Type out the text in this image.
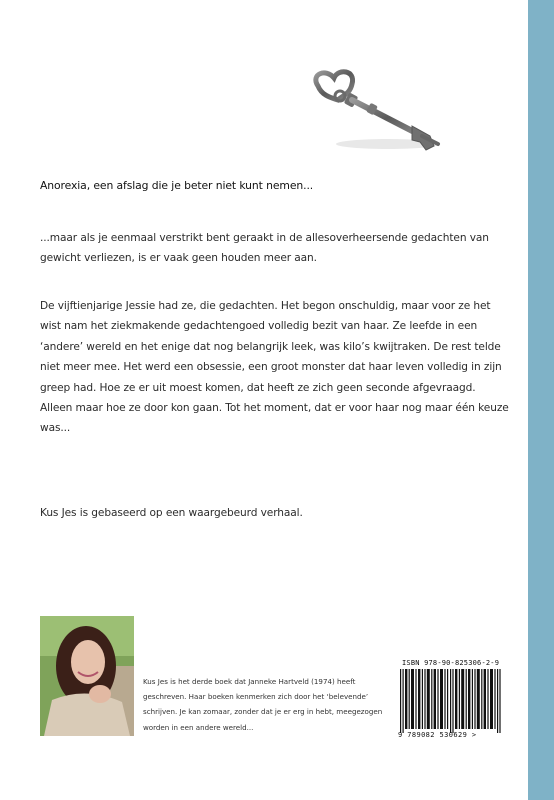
Anorexia, een afslag die je beter niet kunt nemen...
...maar als je eenmaal verstrikt bent geraakt in de allesoverheersende gedachten van gewicht verliezen, is er vaak geen houden meer aan.
De vijftienjarige Jessie had ze, die gedachten. Het begon onschuldig, maar voor ze het wist nam het ziekmakende gedachtengoed volledig bezit van haar. Ze leefde in een ‘andere’ wereld en het enige dat nog belangrijk leek, was kilo’s kwijtraken. De rest telde niet meer mee. Het werd een obsessie, een groot monster dat haar leven volledig in zijn greep had. Hoe ze er uit moest komen, dat heeft ze zich geen seconde afgevraagd. Alleen maar hoe ze door kon gaan. Tot het moment, dat er voor haar nog maar één keuze was...
Kus Jes is gebaseerd op een waargebeurd verhaal.
Kus Jes is het derde boek dat Janneke Hartveld (1974) heeft geschreven. Haar boeken kenmerken zich door het ‘belevende’ schrijven. Je kan zomaar, zonder dat je er erg in hebt, meegezogen worden in een andere wereld...
ISBN 978-90-825306-2-9
9 789082 530629 >
